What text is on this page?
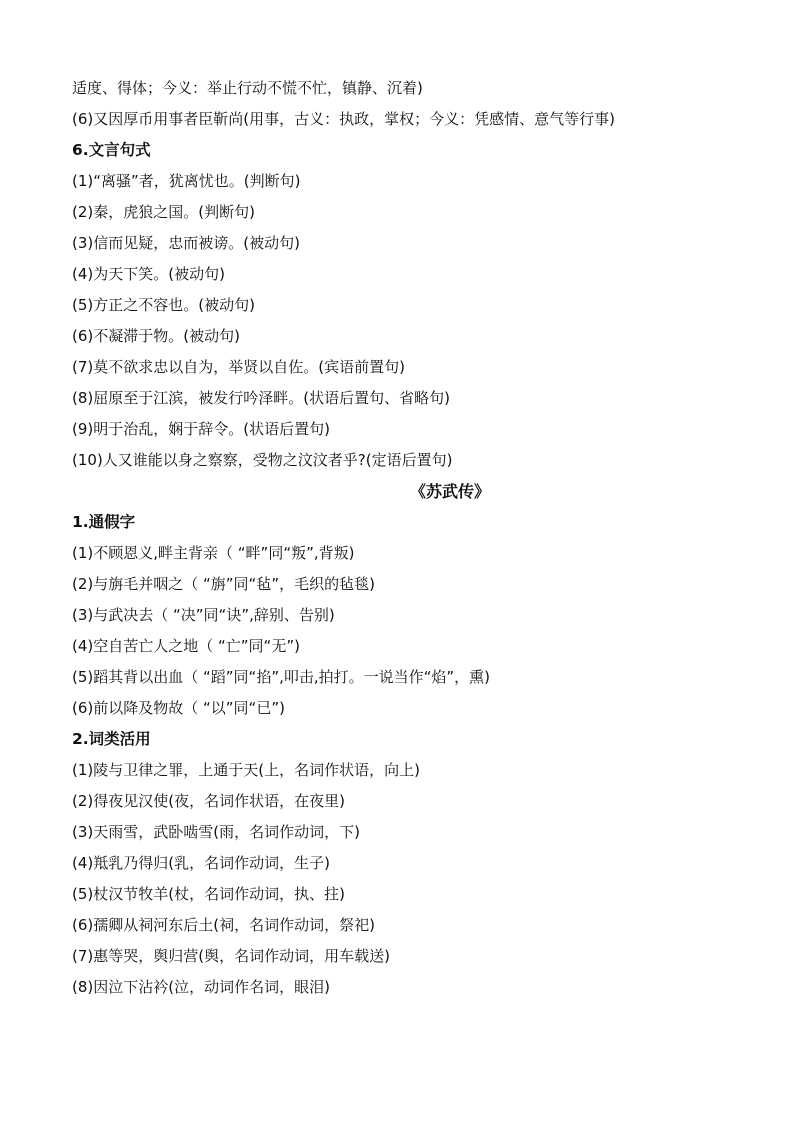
适度、得体；今义：举止行动不慌不忙，镇静、沉着)
(6)又因厚币用事者臣靳尚(用事，古义：执政，掌权；今义：凭感情、意气等行事)
6.文言句式
(1)“离骚”者，犹离忧也。(判断句)
(2)秦，虎狼之国。(判断句)
(3)信而见疑，忠而被谤。(被动句)
(4)为天下笑。(被动句)
(5)方正之不容也。(被动句)
(6)不凝滞于物。(被动句)
(7)莫不欲求忠以自为，举贤以自佐。(宾语前置句)
(8)屈原至于江滨，被发行吟泽畔。(状语后置句、省略句)
(9)明于治乱，娴于辞令。(状语后置句)
(10)人又谁能以身之察察，受物之汶汶者乎?(定语后置句)
《苏武传》
1.通假字
(1)不顾恩义,畔主背亲（ “畔”同“叛”,背叛)
(2)与旃毛并咽之（ “旃”同“毡”，毛织的毡毯)
(3)与武决去（ “决”同“诀”,辞别、告别)
(4)空自苦亡人之地（ “亡”同“无”)
(5)蹈其背以出血（ “蹈”同“掐”,叩击,拍打。一说当作“焰”，熏)
(6)前以降及物故（ “以”同“已”)
2.词类活用
(1)陵与卫律之罪，上通于天(上，名词作状语，向上)
(2)得夜见汉使(夜，名词作状语，在夜里)
(3)天雨雪，武卧啮雪(雨，名词作动词，下)
(4)羝乳乃得归(乳，名词作动词，生子)
(5)杖汉节牧羊(杖，名词作动词，执、拄)
(6)孺卿从祠河东后土(祠，名词作动词，祭祀)
(7)惠等哭，舆归营(舆，名词作动词，用车载送)
(8)因泣下沾衿(泣，动词作名词，眼泪)
